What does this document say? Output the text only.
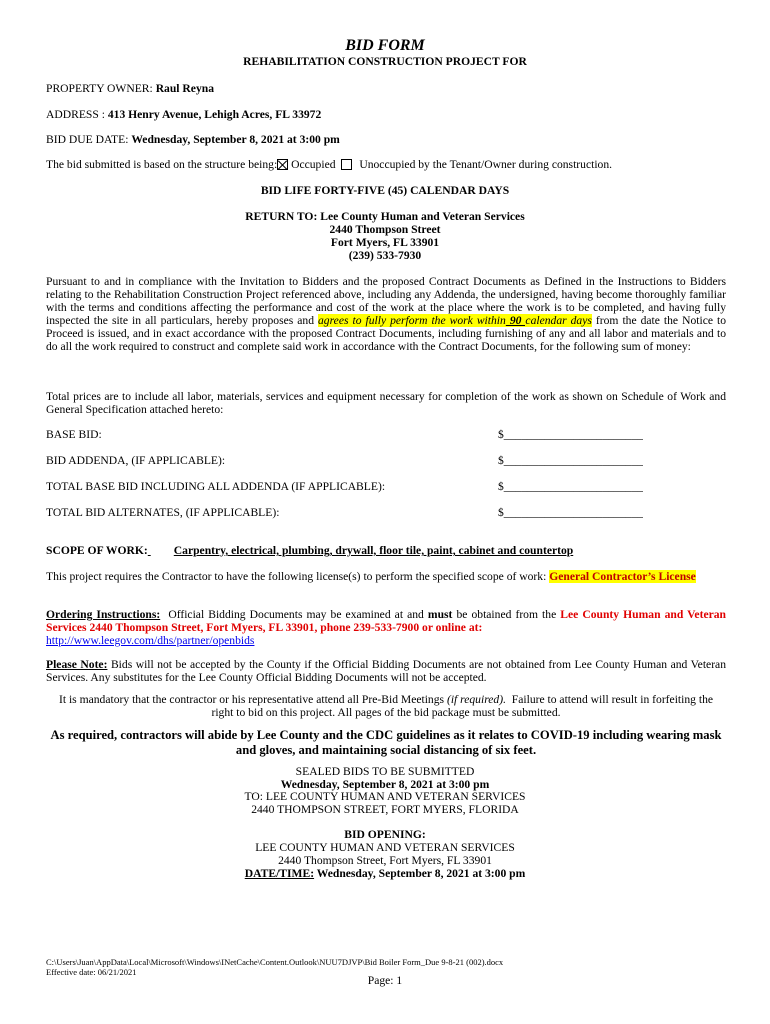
BID FORM
REHABILITATION CONSTRUCTION PROJECT FOR
PROPERTY OWNER: Raul Reyna
ADDRESS : 413 Henry Avenue, Lehigh Acres, FL 33972
BID DUE DATE: Wednesday, September 8, 2021 at 3:00 pm
The bid submitted is based on the structure being: Occupied Unoccupied by the Tenant/Owner during construction.
BID LIFE FORTY-FIVE (45) CALENDAR DAYS
RETURN TO: Lee County Human and Veteran Services
2440 Thompson Street
Fort Myers, FL 33901
(239) 533-7930
Pursuant to and in compliance with the Invitation to Bidders and the proposed Contract Documents as Defined in the Instructions to Bidders relating to the Rehabilitation Construction Project referenced above, including any Addenda, the undersigned, having become thoroughly familiar with the terms and conditions affecting the performance and cost of the work at the place where the work is to be completed, and having fully inspected the site in all particulars, hereby proposes and agrees to fully perform the work within 90 calendar days from the date the Notice to Proceed is issued, and in exact accordance with the proposed Contract Documents, including furnishing of any and all labor and materials and to do all the work required to construct and complete said work in accordance with the Contract Documents, for the following sum of money:
Total prices are to include all labor, materials, services and equipment necessary for completion of the work as shown on Schedule of Work and General Specification attached hereto:
BASE BID:	$________________________
BID ADDENDA, (IF APPLICABLE):	$________________________
TOTAL BASE BID INCLUDING ALL ADDENDA (IF APPLICABLE):	$________________________
TOTAL BID ALTERNATES, (IF APPLICABLE):	$________________________
SCOPE OF WORK: Carpentry, electrical, plumbing, drywall, floor tile, paint, cabinet and countertop
This project requires the Contractor to have the following license(s) to perform the specified scope of work: General Contractor’s License
Ordering Instructions: Official Bidding Documents may be examined at and must be obtained from the Lee County Human and Veteran Services 2440 Thompson Street, Fort Myers, FL 33901, phone 239-533-7900 or online at:
http://www.leegov.com/dhs/partner/openbids
Please Note: Bids will not be accepted by the County if the Official Bidding Documents are not obtained from Lee County Human and Veteran Services. Any substitutes for the Lee County Official Bidding Documents will not be accepted.
It is mandatory that the contractor or his representative attend all Pre-Bid Meetings (if required). Failure to attend will result in forfeiting the right to bid on this project. All pages of the bid package must be submitted.
As required, contractors will abide by Lee County and the CDC guidelines as it relates to COVID-19 including wearing mask and gloves, and maintaining social distancing of six feet.
SEALED BIDS TO BE SUBMITTED
Wednesday, September 8, 2021 at 3:00 pm
TO: LEE COUNTY HUMAN AND VETERAN SERVICES
2440 THOMPSON STREET, FORT MYERS, FLORIDA
BID OPENING:
LEE COUNTY HUMAN AND VETERAN SERVICES
2440 Thompson Street, Fort Myers, FL 33901
DATE/TIME: Wednesday, September 8, 2021 at 3:00 pm
C:\Users\Juan\AppData\Local\Microsoft\Windows\INetCache\Content.Outlook\NUU7DJVP\Bid Boiler Form_Due 9-8-21 (002).docx
Effective date: 06/21/2021
Page: 1
